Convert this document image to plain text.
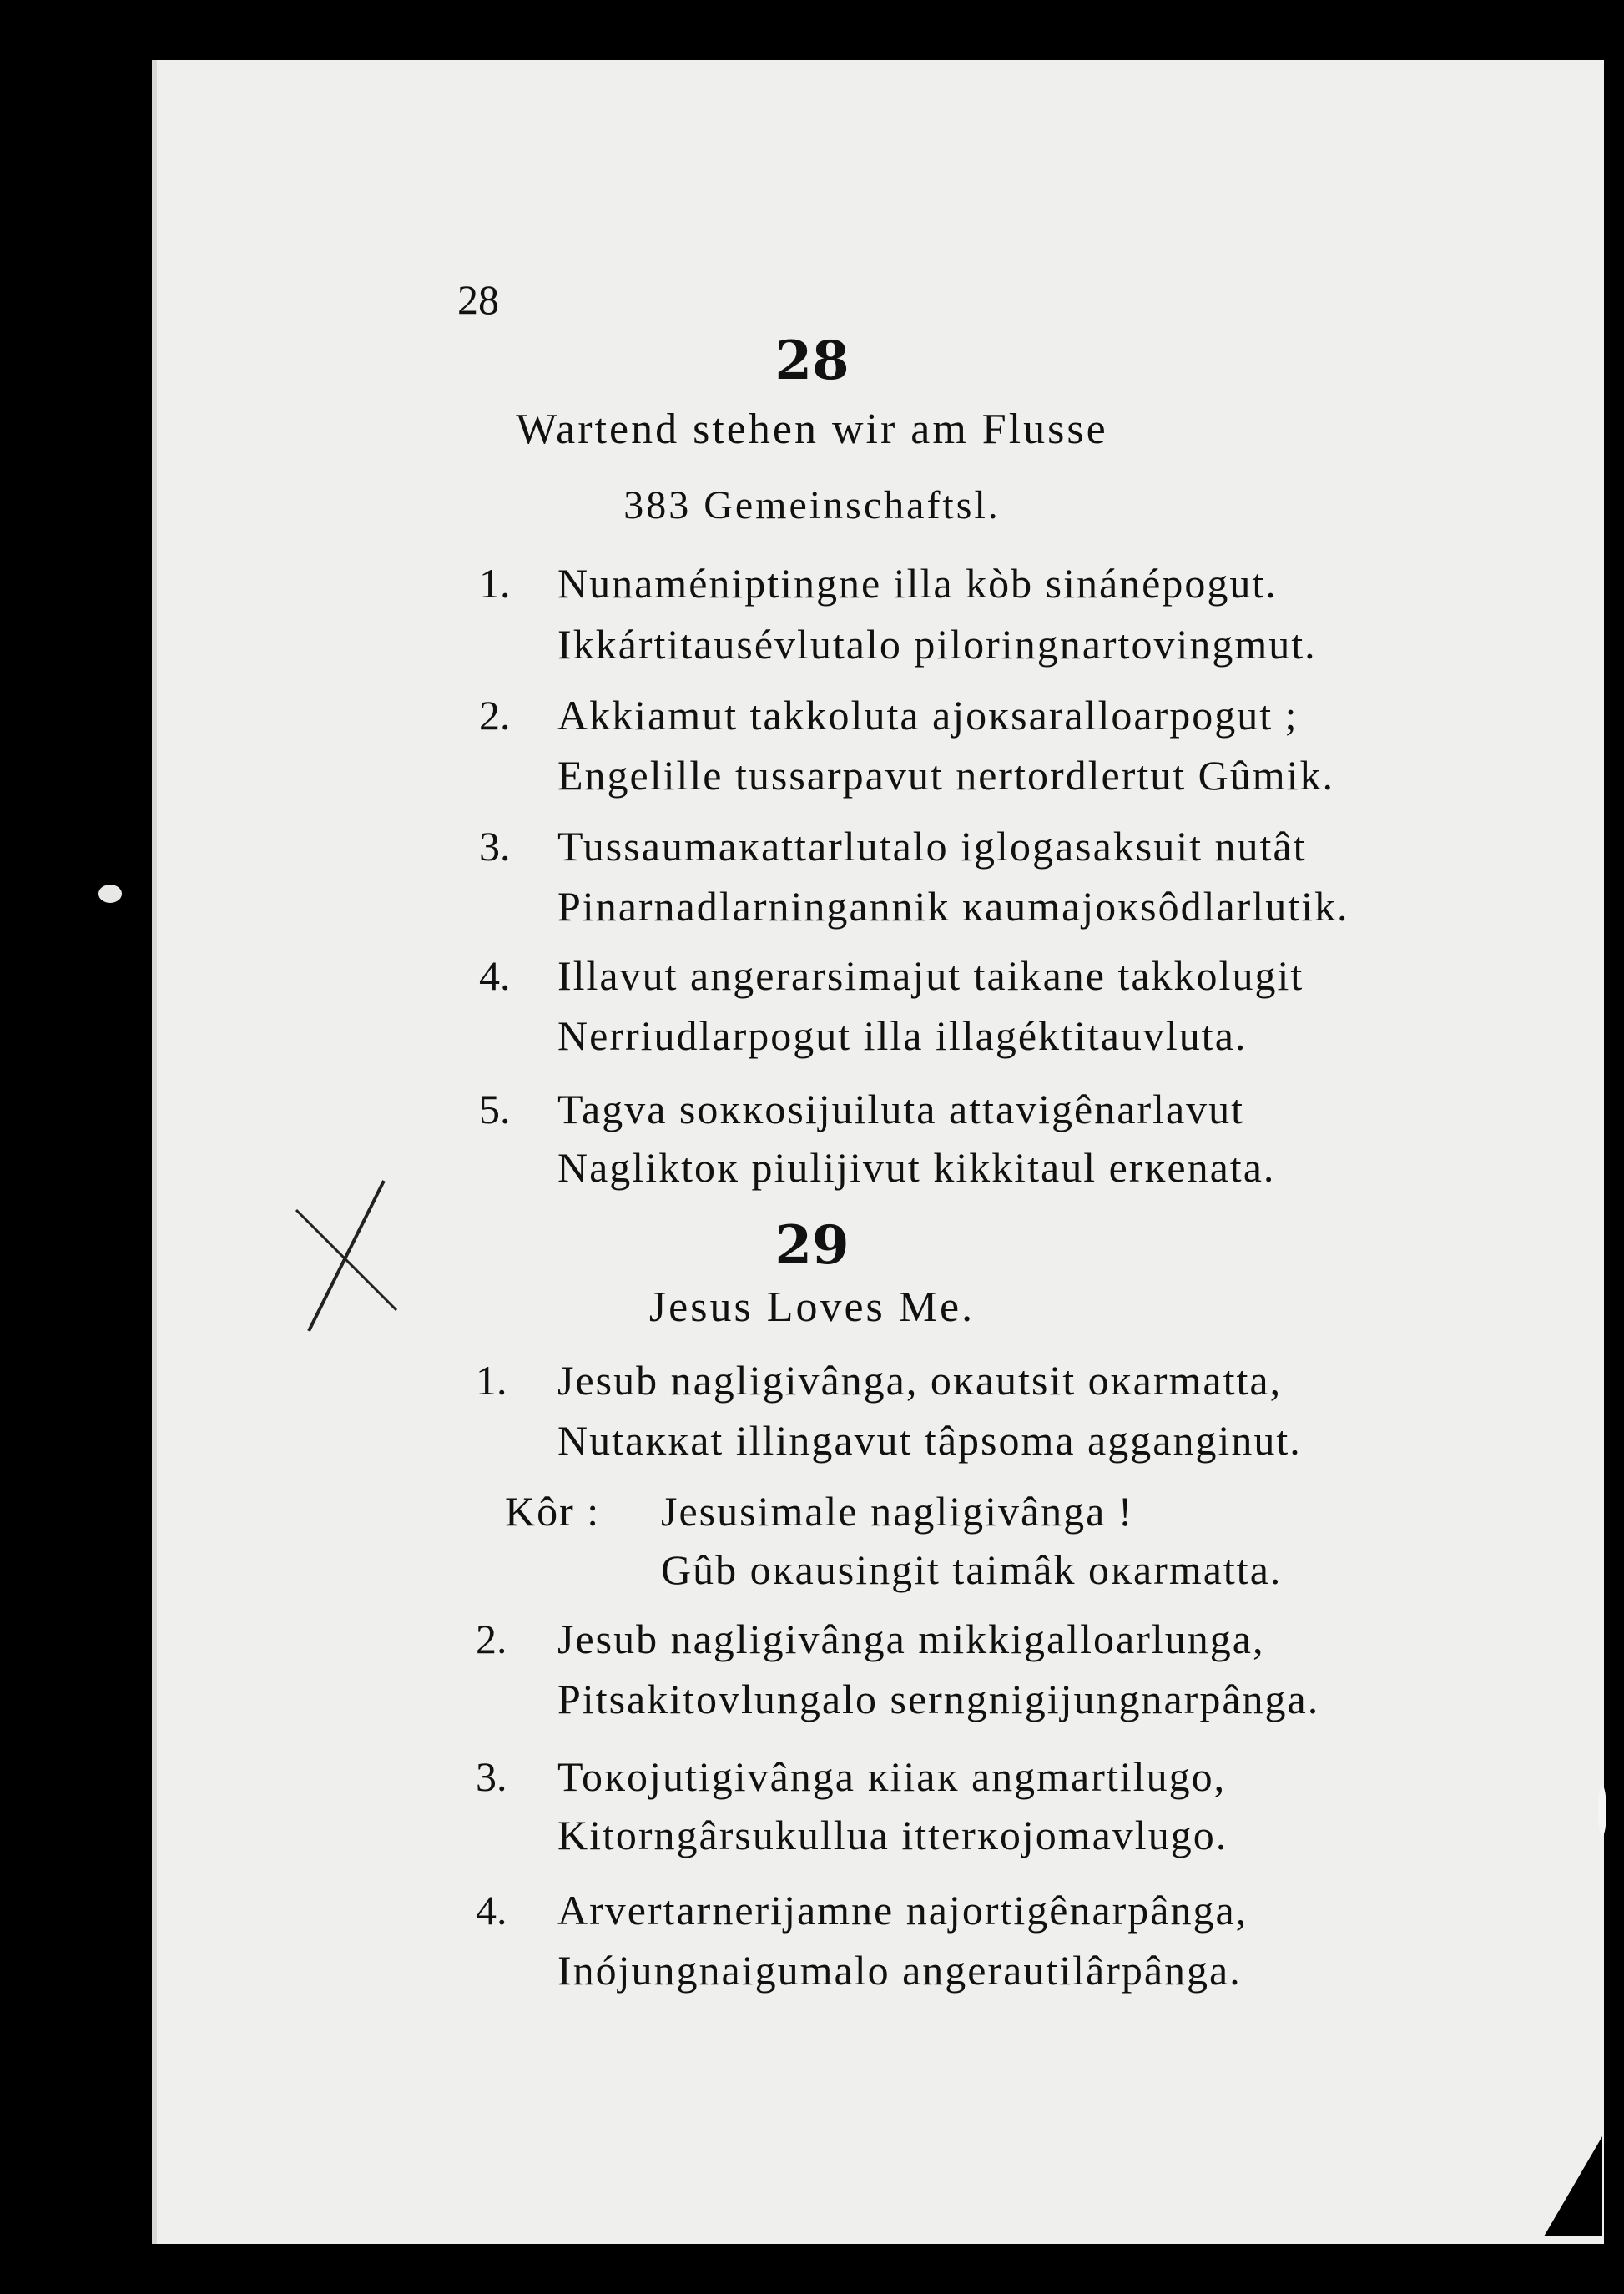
28
28
Wartend stehen wir am Flusse
383 Gemeinschaftsl.
1.	Nunaméniptingne illa kòb sinánépogut.
Ikkártitausévlutalo piloringnartovingmut.
2.	Akkiamut takkoluta ajoĸsaralloarpogut ;
Engelille tussarpavut nertordlertut Gûmik.
3.	Tussaumaĸattarlutalo iglogasaksuit nutât
Pinarnadlarningannik ĸaumajoĸsôdlarlutik.
4.	Illavut angerarsimajut taikane takkolugit
Nerriudlarpogut illa illagéktitauvluta.
5.	Tagva soĸĸosijuiluta attavigênarlavut
Nagliktoĸ piulijivut kikkitaul erĸenata.
29
Jesus Loves Me.
1.	Jesub nagligivânga, oĸautsit oĸarmatta,
Nutaĸĸat illingavut tâpsoma agganginut.
Kôr : Jesusimale nagligivânga !
Gûb oĸausingit taimâk oĸarmatta.
2.	Jesub nagligivânga mikkigalloarlunga,
Pitsakitovlungalo serngnigijungnarpânga.
3.	Toĸojutigivânga ĸiiaĸ angmartilugo,
Kitorngârsukullua itterĸojomavlugo.
4.	Arvertarnerijamne najortigênarpânga,
Inójungnaigumalo angerautilârpânga.
